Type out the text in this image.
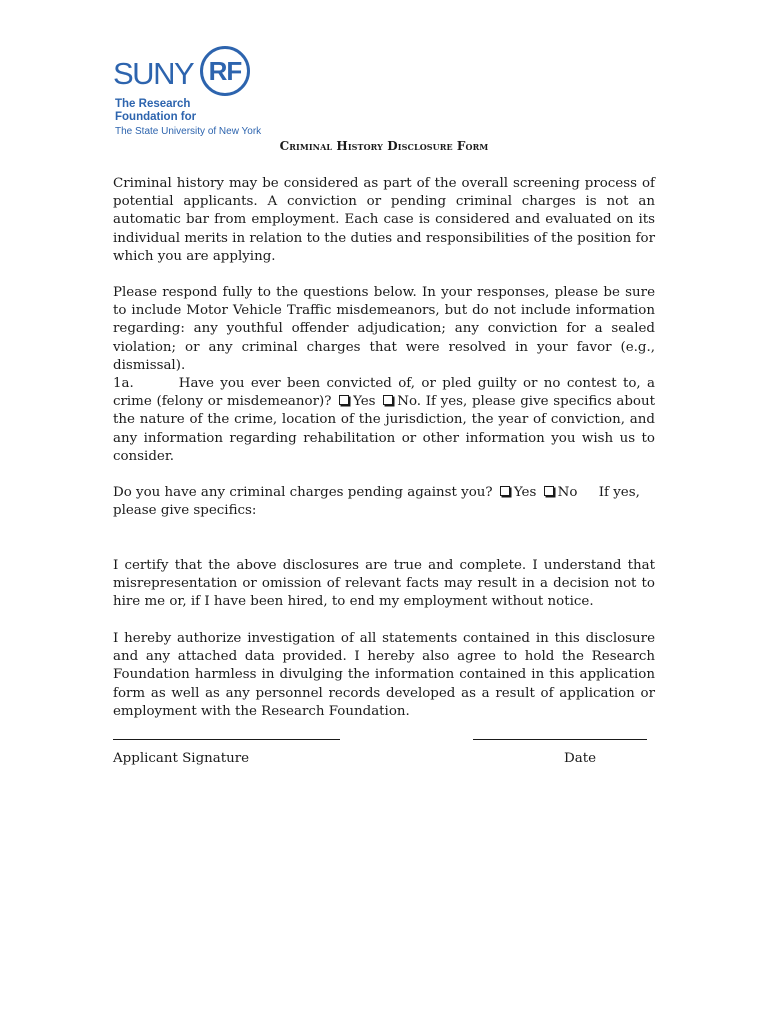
SUNY RF
The Research
Foundation for
The State University of New York
Criminal History Disclosure Form
Criminal history may be considered as part of the overall screening process of potential applicants. A conviction or pending criminal charges is not an automatic bar from employment. Each case is considered and evaluated on its individual merits in relation to the duties and responsibilities of the position for which you are applying.
Please respond fully to the questions below. In your responses, please be sure to include Motor Vehicle Traffic misdemeanors, but do not include information regarding: any youthful offender adjudication; any conviction for a sealed violation; or any criminal charges that were resolved in your favor (e.g., dismissal).
1a.	Have you ever been convicted of, or pled guilty or no contest to, a crime (felony or misdemeanor)? Yes No. If yes, please give specifics about the nature of the crime, location of the jurisdiction, the year of conviction, and any information regarding rehabilitation or other information you wish us to consider.
Do you have any criminal charges pending against you? Yes No If yes, please give specifics:
I certify that the above disclosures are true and complete. I understand that misrepresentation or omission of relevant facts may result in a decision not to hire me or, if I have been hired, to end my employment without notice.
I hereby authorize investigation of all statements contained in this disclosure and any attached data provided. I hereby also agree to hold the Research Foundation harmless in divulging the information contained in this application form as well as any personnel records developed as a result of application or employment with the Research Foundation.
Applicant Signature	Date
